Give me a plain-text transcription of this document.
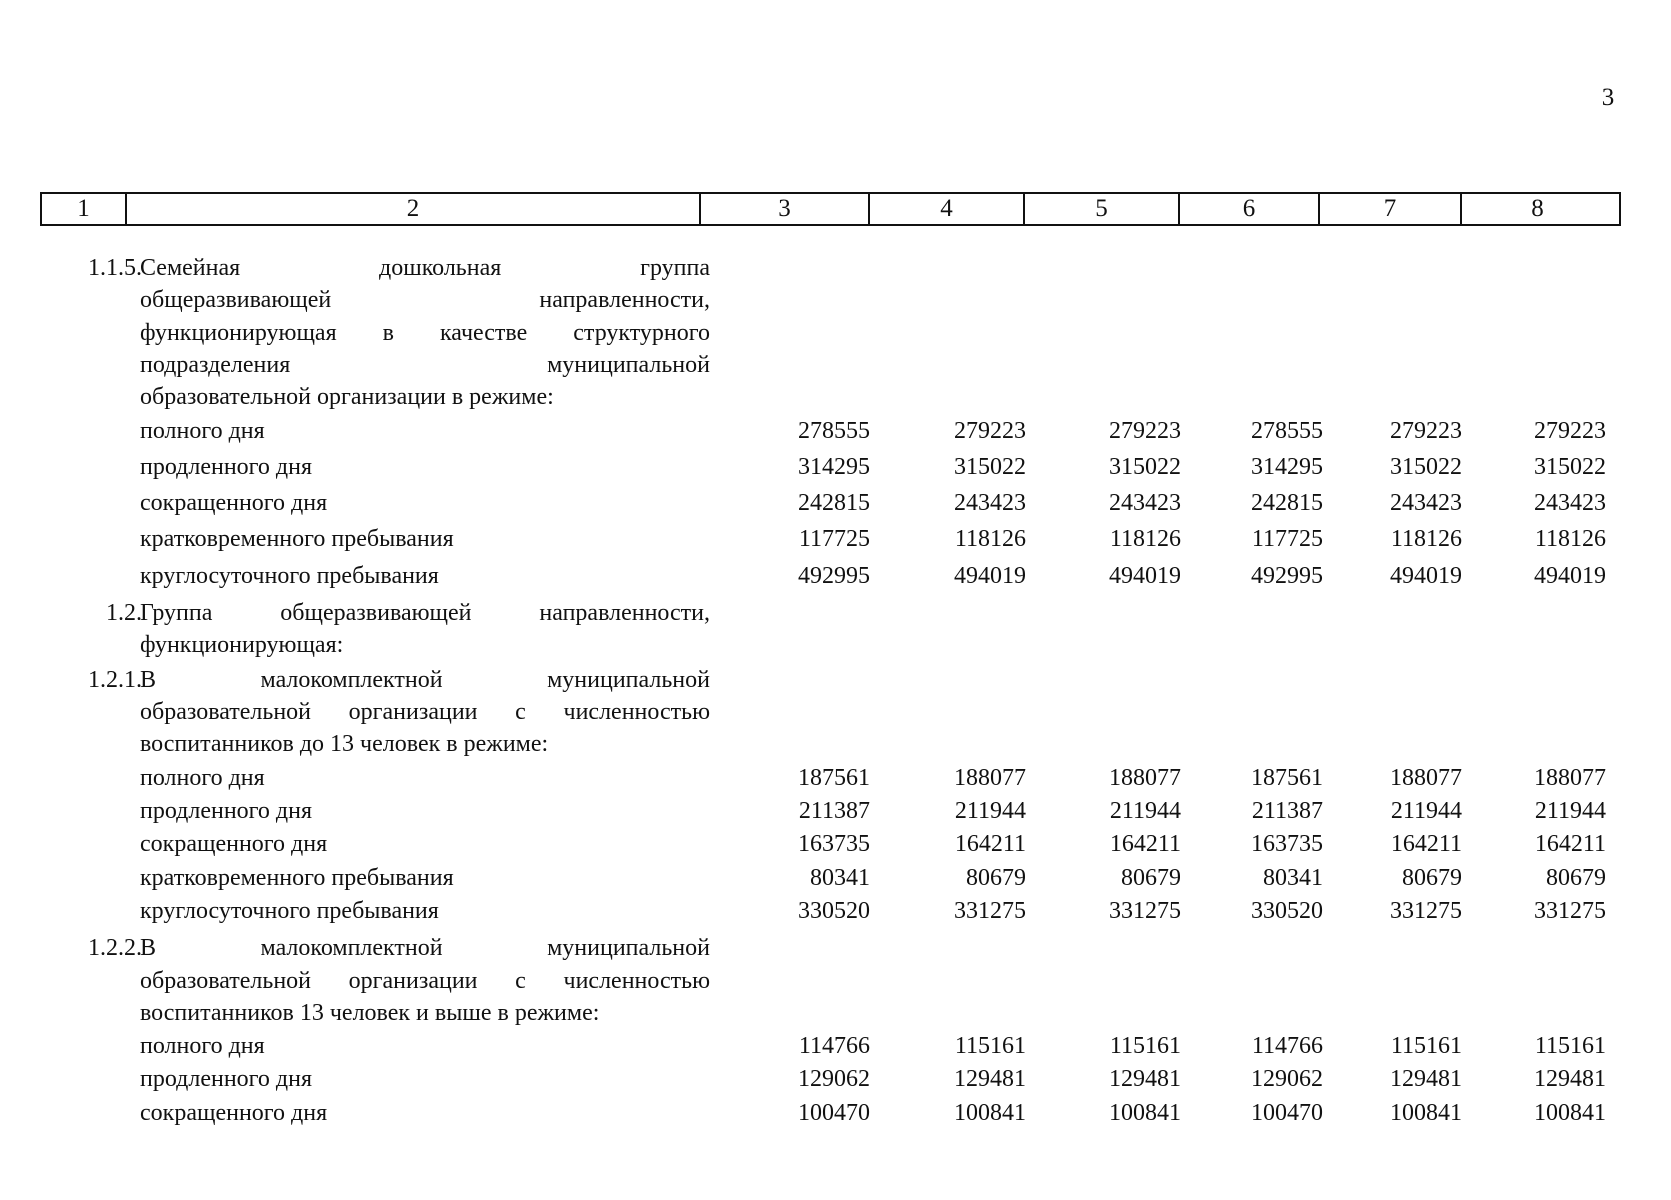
3
1	2	3	4	5	6	7	8
1.1.5.
Семейная дошкольная группа
общеразвивающей направленности,
функционирующая в качестве структурного
подразделения муниципальной
образовательной организации в режиме:
полного дня	278555	279223	279223	278555	279223	279223
продленного дня	314295	315022	315022	314295	315022	315022
сокращенного дня	242815	243423	243423	242815	243423	243423
кратковременного пребывания	117725	118126	118126	117725	118126	118126
круглосуточного пребывания	492995	494019	494019	492995	494019	494019
1.2.
Группа общеразвивающей направленности,
функционирующая:
1.2.1.
В малокомплектной муниципальной
образовательной организации с численностью
воспитанников до 13 человек в режиме:
полного дня	187561	188077	188077	187561	188077	188077
продленного дня	211387	211944	211944	211387	211944	211944
сокращенного дня	163735	164211	164211	163735	164211	164211
кратковременного пребывания	80341	80679	80679	80341	80679	80679
круглосуточного пребывания	330520	331275	331275	330520	331275	331275
1.2.2.
В малокомплектной муниципальной
образовательной организации с численностью
воспитанников 13 человек и выше в режиме:
полного дня	114766	115161	115161	114766	115161	115161
продленного дня	129062	129481	129481	129062	129481	129481
сокращенного дня	100470	100841	100841	100470	100841	100841
